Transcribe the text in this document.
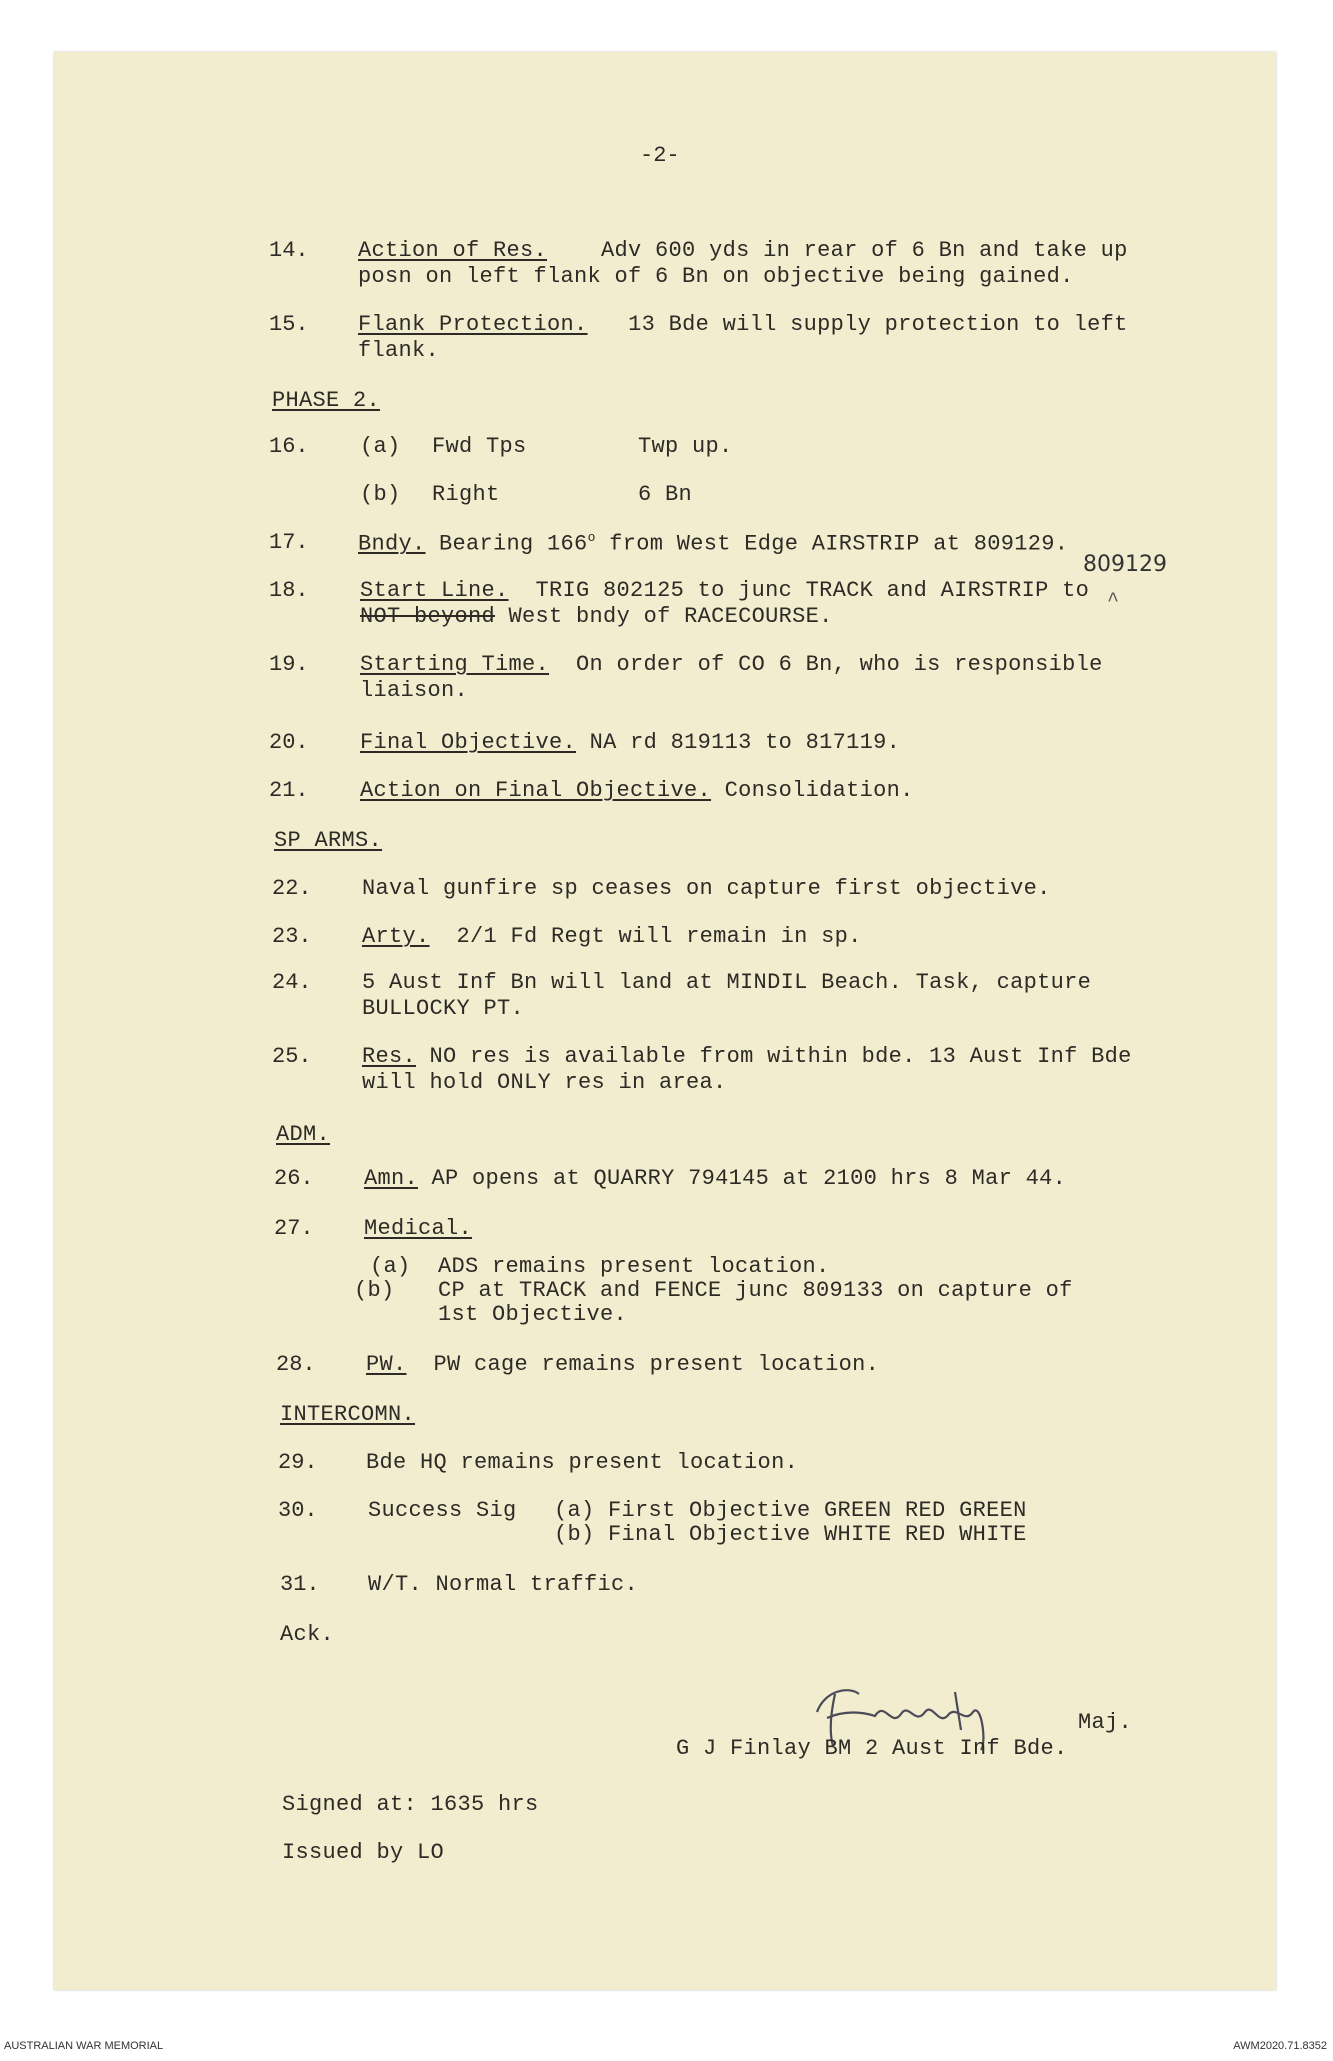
-2-
14. Action of Res. Adv 600 yds in rear of 6 Bn and take up
posn on left flank of 6 Bn on objective being gained.
15. Flank Protection. 13 Bde will supply protection to left
flank.
PHASE 2.
16. (a) Fwd Tps	Twp up.
(b) Right	6 Bn
17. Bndy. Bearing 166$^o$ from West Edge AIRSTRIP at 809129.
809129
18. Start Line. TRIG 802125 to junc TRACK and AIRSTRIP to ^
NOT beyond West bndy of RACECOURSE.
19. Starting Time. On order of CO 6 Bn, who is responsible
liaison.
20. Final Objective. NA rd 819113 to 817119.
21. Action on Final Objective. Consolidation.
SP ARMS.
22. Naval gunfire sp ceases on capture first objective.
23. Arty. 2/1 Fd Regt will remain in sp.
24. 5 Aust Inf Bn will land at MINDIL Beach. Task, capture
BULLOCKY PT.
25. Res. NO res is available from within bde. 13 Aust Inf Bde
will hold ONLY res in area.
ADM.
26. Amn. AP opens at QUARRY 794145 at 2100 hrs 8 Mar 44.
27. Medical.
(a) ADS remains present location.
(b) CP at TRACK and FENCE junc 809133 on capture of
1st Objective.
28. PW. PW cage remains present location.
INTERCOMN.
29. Bde HQ remains present location.
30. Success Sig (a) First Objective GREEN RED GREEN
(b) Final Objective WHITE RED WHITE
31. W/T. Normal traffic.
Ack.
Maj.
G J Finlay BM 2 Aust Inf Bde.
Signed at: 1635 hrs
Issued by LO
AUSTRALIAN WAR MEMORIAL	AWM2020.71.8352
